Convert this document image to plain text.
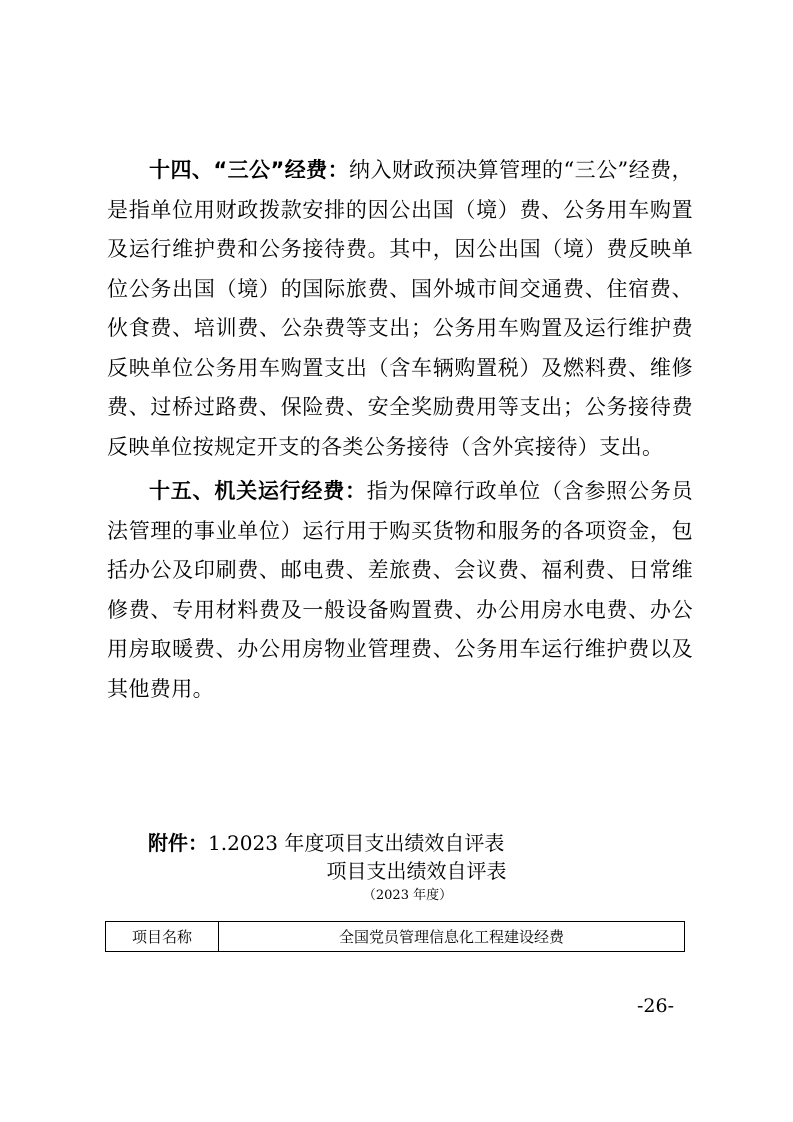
十四、“三公”经费：纳入财政预决算管理的“三公”经费，是指单位用财政拨款安排的因公出国（境）费、公务用车购置及运行维护费和公务接待费。其中，因公出国（境）费反映单位公务出国（境）的国际旅费、国外城市间交通费、住宿费、伙食费、培训费、公杂费等支出；公务用车购置及运行维护费反映单位公务用车购置支出（含车辆购置税）及燃料费、维修费、过桥过路费、保险费、安全奖励费用等支出；公务接待费反映单位按规定开支的各类公务接待（含外宾接待）支出。

十五、机关运行经费：指为保障行政单位（含参照公务员法管理的事业单位）运行用于购买货物和服务的各项资金，包括办公及印刷费、邮电费、差旅费、会议费、福利费、日常维修费、专用材料费及一般设备购置费、办公用房水电费、办公用房取暖费、办公用房物业管理费、公务用车运行维护费以及其他费用。

附件：1.2023 年度项目支出绩效自评表
项目支出绩效自评表
（2023 年度）
项目名称	全国党员管理信息化工程建设经费
-26-
